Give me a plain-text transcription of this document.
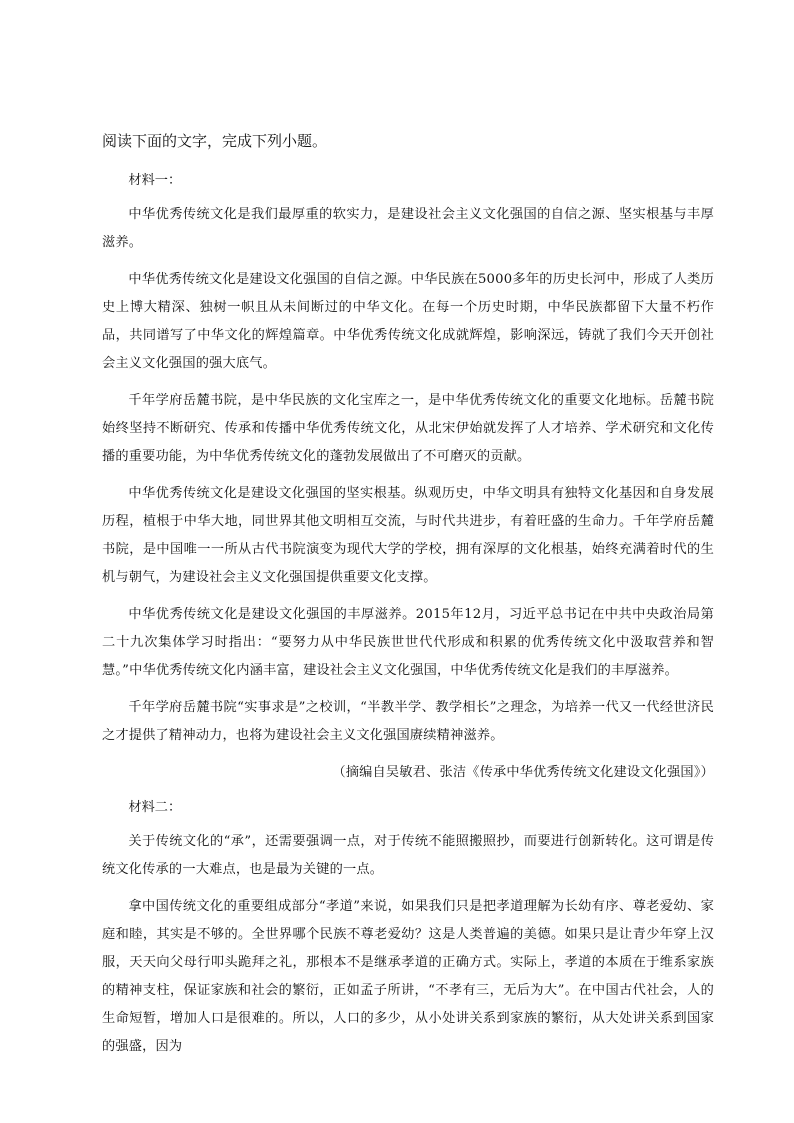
阅读下面的文字，完成下列小题。
材料一：

中华优秀传统文化是我们最厚重的软实力，是建设社会主义文化强国的自信之源、坚实根基与丰厚滋养。

中华优秀传统文化是建设文化强国的自信之源。中华民族在5000多年的历史长河中，形成了人类历史上博大精深、独树一帜且从未间断过的中华文化。在每一个历史时期，中华民族都留下大量不朽作品，共同谱写了中华文化的辉煌篇章。中华优秀传统文化成就辉煌，影响深远，铸就了我们今天开创社会主义文化强国的强大底气。

千年学府岳麓书院，是中华民族的文化宝库之一，是中华优秀传统文化的重要文化地标。岳麓书院始终坚持不断研究、传承和传播中华优秀传统文化，从北宋伊始就发挥了人才培养、学术研究和文化传播的重要功能，为中华优秀传统文化的蓬勃发展做出了不可磨灭的贡献。

中华优秀传统文化是建设文化强国的坚实根基。纵观历史，中华文明具有独特文化基因和自身发展历程，植根于中华大地，同世界其他文明相互交流，与时代共进步，有着旺盛的生命力。千年学府岳麓书院，是中国唯一一所从古代书院演变为现代大学的学校，拥有深厚的文化根基，始终充满着时代的生机与朝气，为建设社会主义文化强国提供重要文化支撑。

中华优秀传统文化是建设文化强国的丰厚滋养。2015年12月，习近平总书记在中共中央政治局第二十九次集体学习时指出：“要努力从中华民族世世代代形成和积累的优秀传统文化中汲取营养和智慧。”中华优秀传统文化内涵丰富，建设社会主义文化强国，中华优秀传统文化是我们的丰厚滋养。

千年学府岳麓书院“实事求是”之校训，“半教半学、教学相长”之理念，为培养一代又一代经世济民之才提供了精神动力，也将为建设社会主义文化强国赓续精神滋养。

（摘编自吴敏君、张洁《传承中华优秀传统文化建设文化强国》）
材料二：

关于传统文化的“承”，还需要强调一点，对于传统不能照搬照抄，而要进行创新转化。这可谓是传统文化传承的一大难点，也是最为关键的一点。

拿中国传统文化的重要组成部分“孝道”来说，如果我们只是把孝道理解为长幼有序、尊老爱幼、家庭和睦，其实是不够的。全世界哪个民族不尊老爱幼？这是人类普遍的美德。如果只是让青少年穿上汉服，天天向父母行叩头跪拜之礼，那根本不是继承孝道的正确方式。实际上，孝道的本质在于维系家族的精神支柱，保证家族和社会的繁衍，正如孟子所讲，“不孝有三，无后为大”。在中国古代社会，人的生命短暂，增加人口是很难的。所以，人口的多少，从小处讲关系到家族的繁衍，从大处讲关系到国家的强盛，因为
